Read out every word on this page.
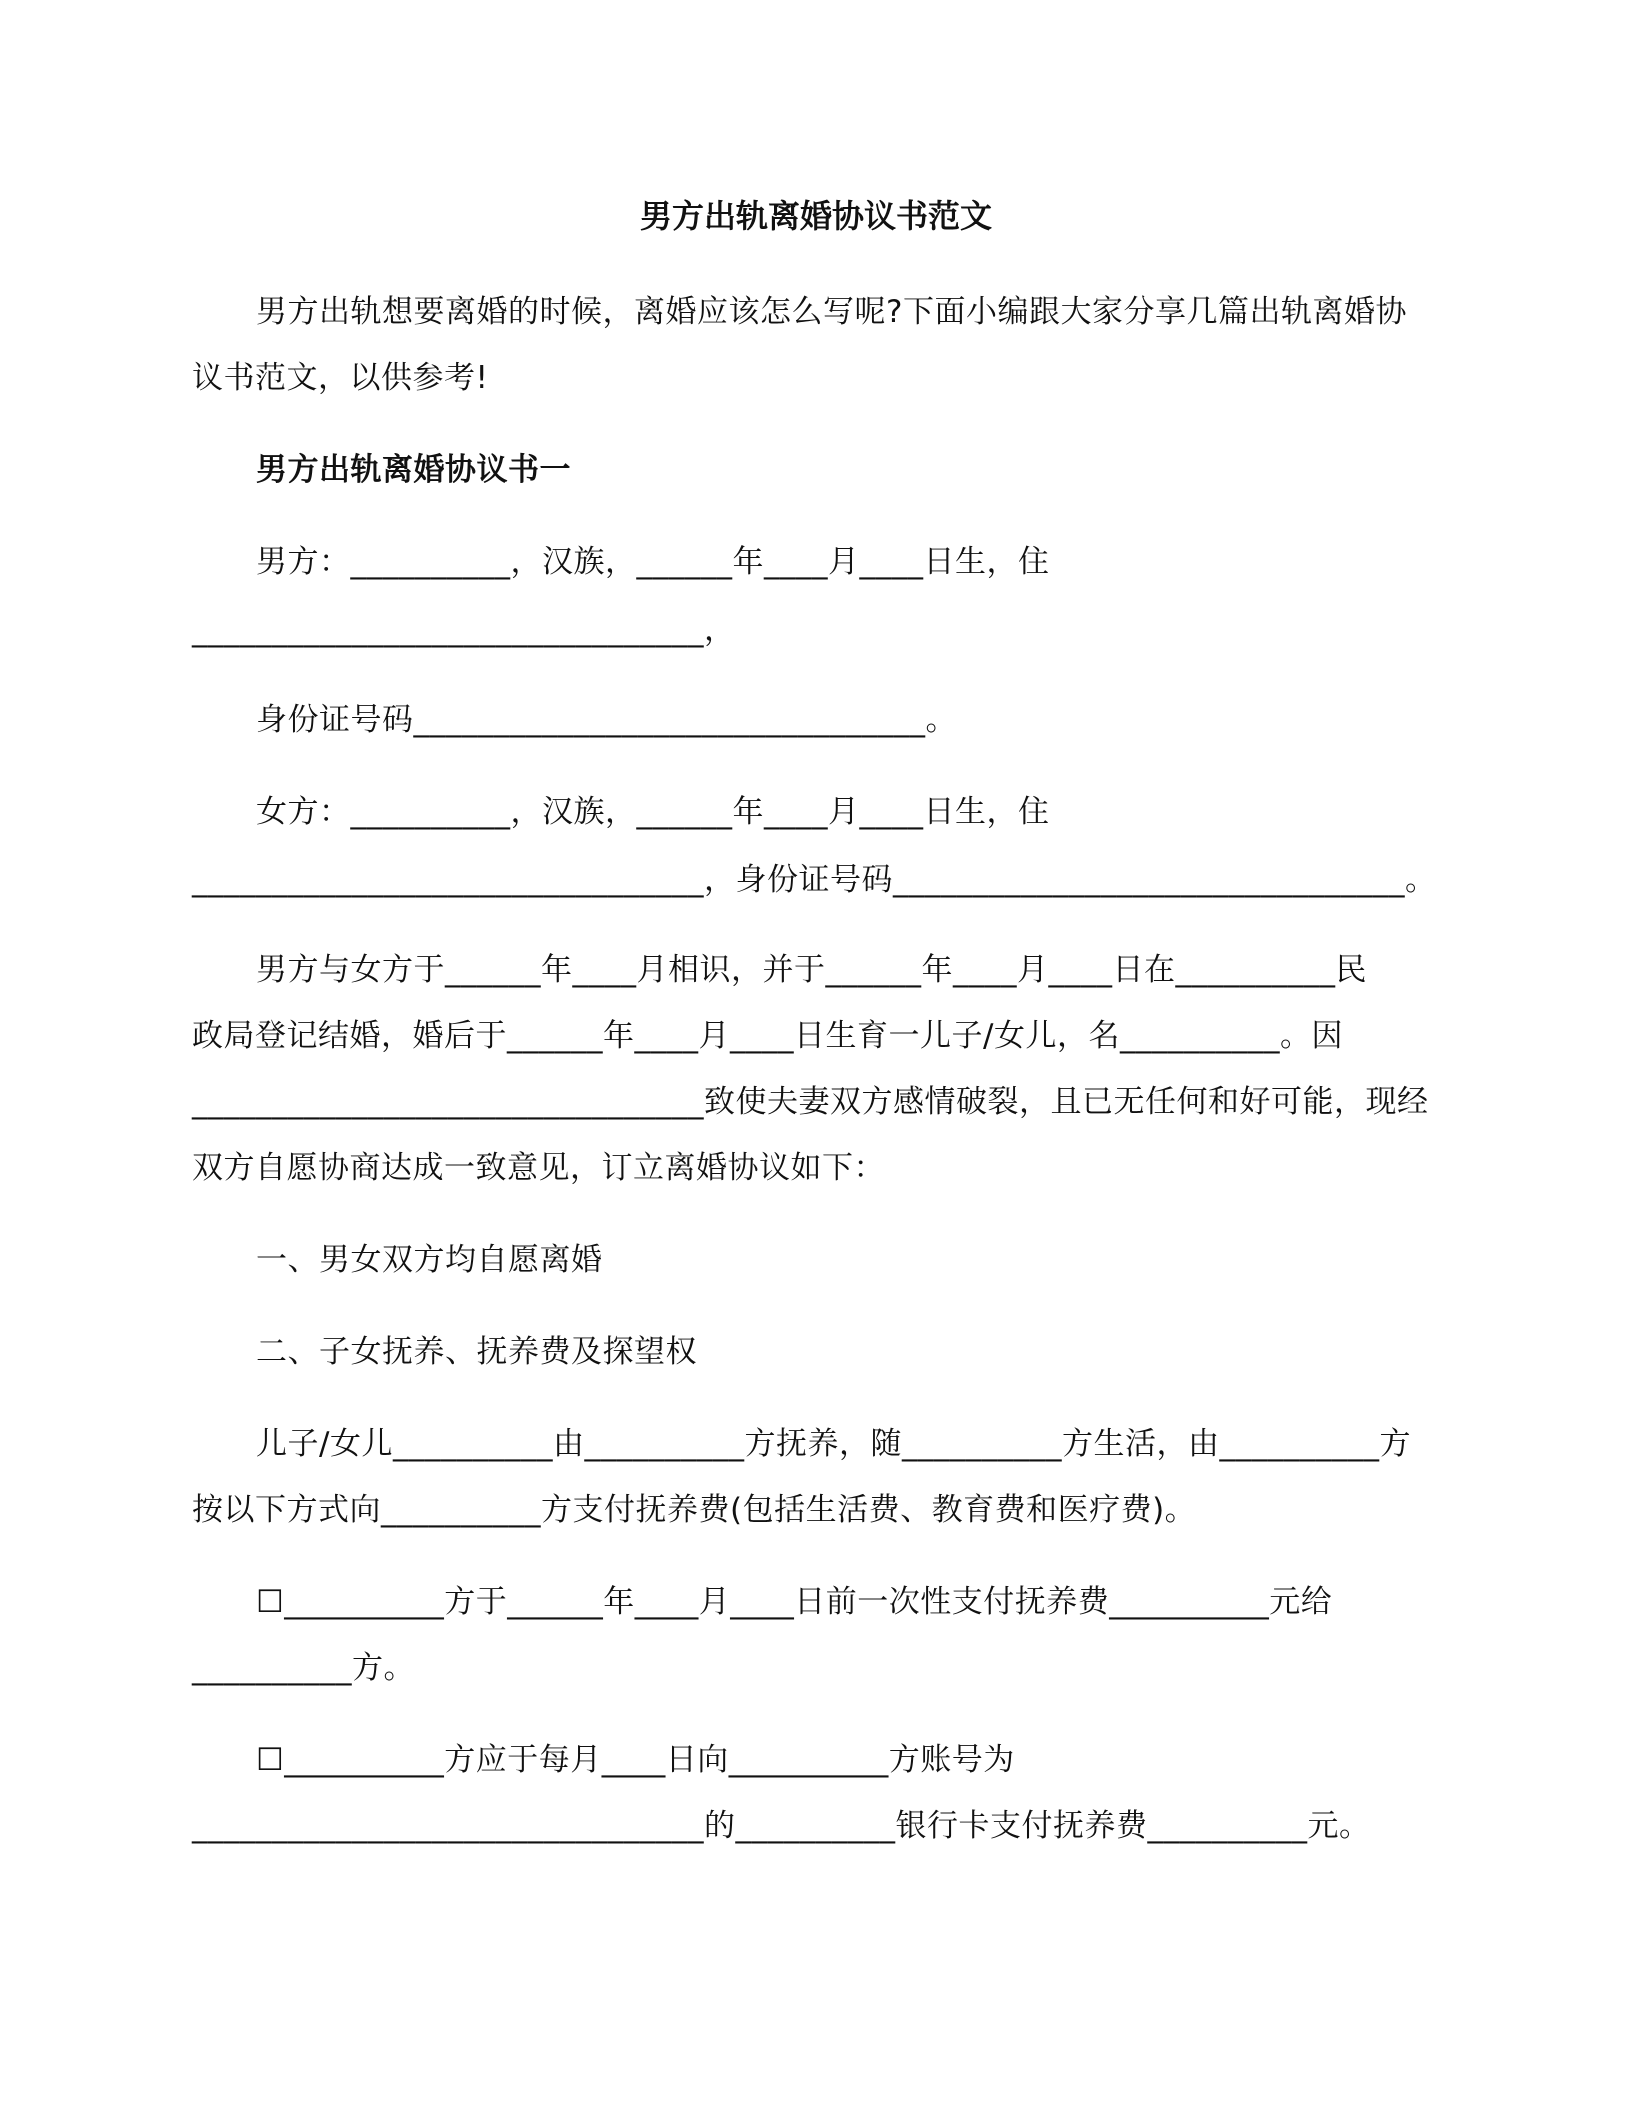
男方出轨离婚协议书范文
男方出轨想要离婚的时候，离婚应该怎么写呢?下面小编跟大家分享几篇出轨离婚协
议书范文，以供参考!
男方出轨离婚协议书一
男方：__________，汉族，______年____月____日生，住
________________________________，
身份证号码________________________________。
女方：__________，汉族，______年____月____日生，住
________________________________，身份证号码________________________________。
男方与女方于______年____月相识，并于______年____月____日在__________民
政局登记结婚，婚后于______年____月____日生育一儿子/女儿，名__________。因
________________________________致使夫妻双方感情破裂，且已无任何和好可能，现经
双方自愿协商达成一致意见，订立离婚协议如下：
一、男女双方均自愿离婚
二、子女抚养、抚养费及探望权
儿子/女儿__________由__________方抚养，随__________方生活，由__________方
按以下方式向__________方支付抚养费(包括生活费、教育费和医疗费)。
☐__________方于______年____月____日前一次性支付抚养费__________元给
__________方。
☐__________方应于每月____日向__________方账号为
________________________________的__________银行卡支付抚养费__________元。
